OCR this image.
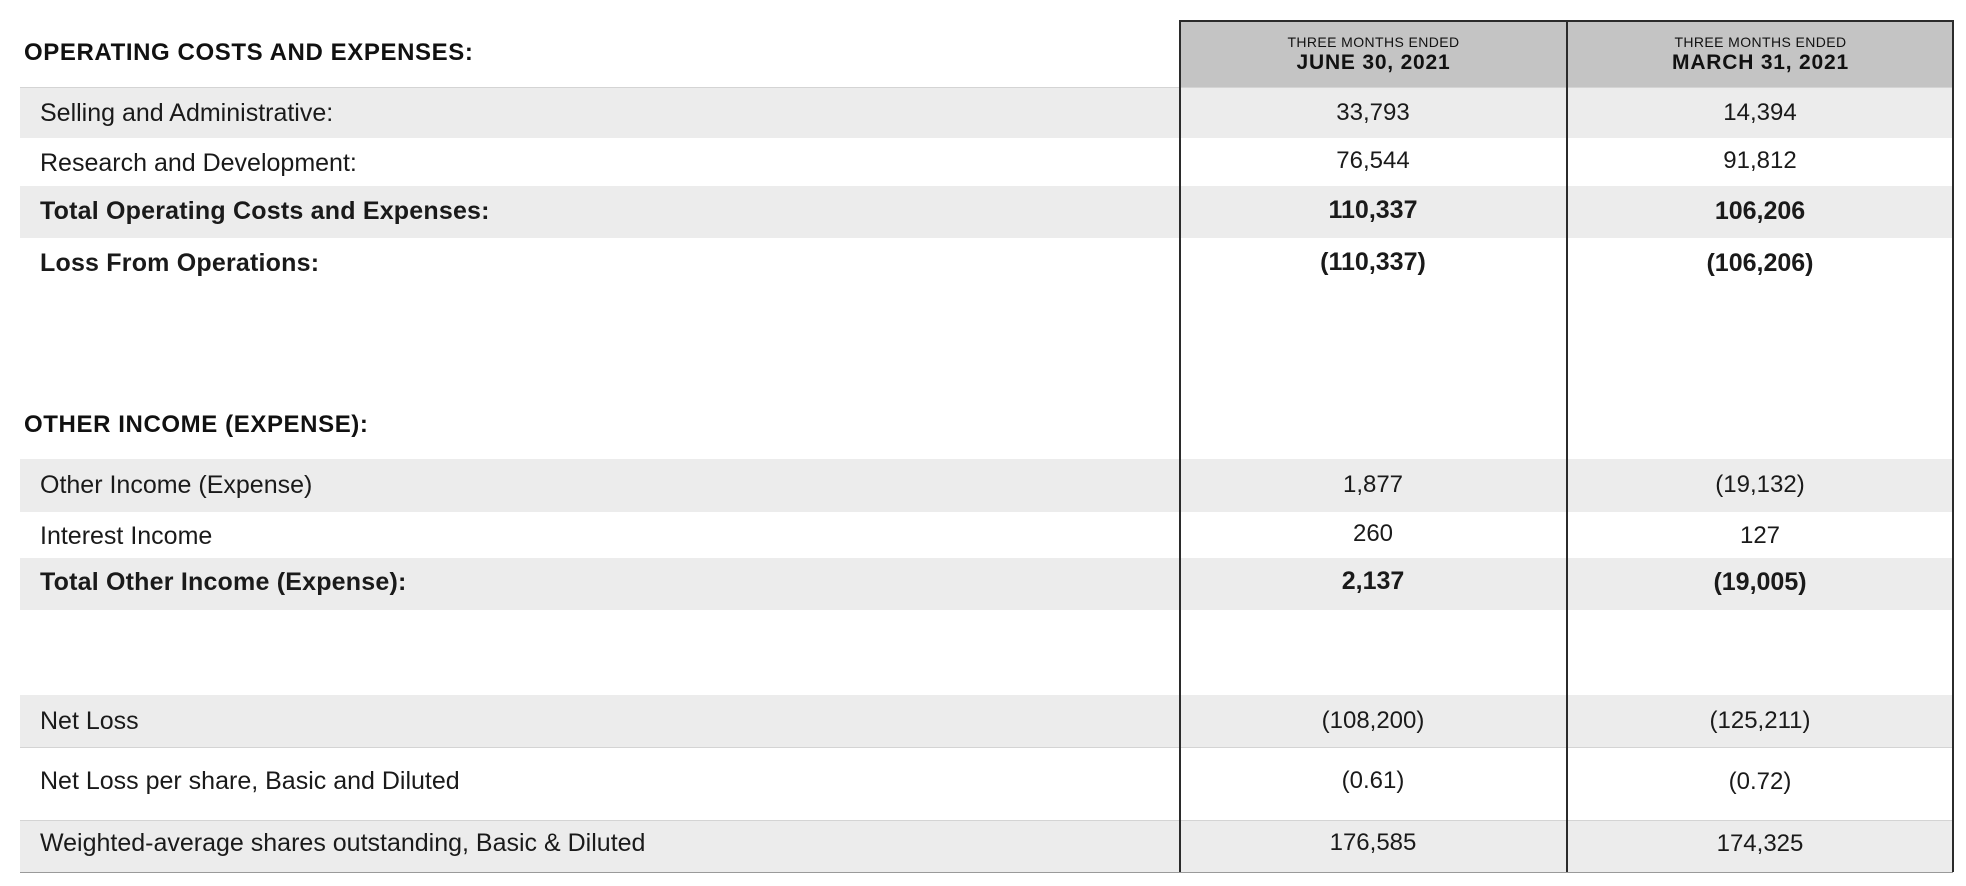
THREE MONTHS ENDED
JUNE 30, 2021
THREE MONTHS ENDED
MARCH 31, 2021
OPERATING COSTS AND EXPENSES:
Selling and Administrative:	33,793	14,394
Research and Development:	76,544	91,812
Total Operating Costs and Expenses:	110,337	106,206
Loss From Operations:	(110,337)	(106,206)
OTHER INCOME (EXPENSE):
Other Income (Expense)	1,877	(19,132)
Interest Income	260	127
Total Other Income (Expense):	2,137	(19,005)
Net Loss	(108,200)	(125,211)
Net Loss per share, Basic and Diluted	(0.61)	(0.72)
Weighted-average shares outstanding, Basic & Diluted	176,585	174,325
